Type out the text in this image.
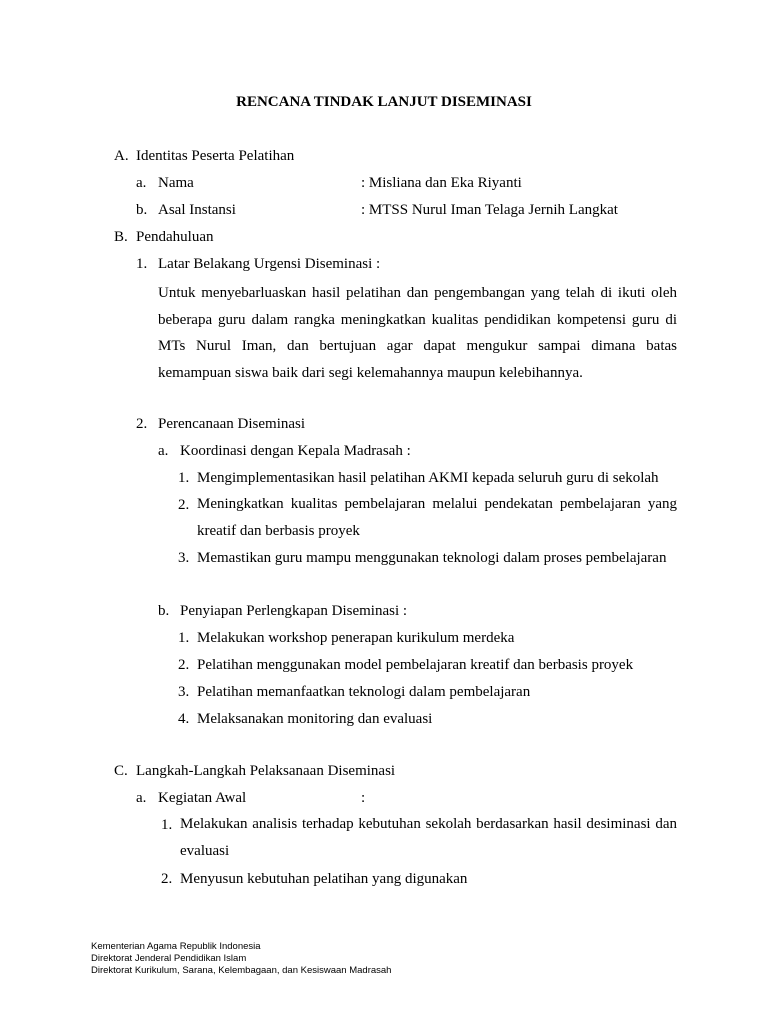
RENCANA TINDAK LANJUT DISEMINASI
A. Identitas Peserta Pelatihan
a. Nama	: Misliana dan Eka Riyanti
b. Asal Instansi	: MTSS Nurul Iman Telaga Jernih Langkat
B. Pendahuluan
1. Latar Belakang Urgensi Diseminasi :
Untuk menyebarluaskan hasil pelatihan dan pengembangan yang telah di ikuti oleh beberapa guru dalam rangka meningkatkan kualitas pendidikan kompetensi guru di MTs Nurul Iman, dan bertujuan agar dapat mengukur sampai dimana batas kemampuan siswa baik dari segi kelemahannya maupun kelebihannya.
2. Perencanaan Diseminasi
a. Koordinasi dengan Kepala Madrasah :
1. Mengimplementasikan hasil pelatihan AKMI kepada seluruh guru di sekolah
2. Meningkatkan kualitas pembelajaran melalui pendekatan pembelajaran yang kreatif dan berbasis proyek
3. Memastikan guru mampu menggunakan teknologi dalam proses pembelajaran
b. Penyiapan Perlengkapan Diseminasi :
1. Melakukan workshop penerapan kurikulum merdeka
2. Pelatihan menggunakan model pembelajaran kreatif dan berbasis proyek
3. Pelatihan memanfaatkan teknologi dalam pembelajaran
4. Melaksanakan monitoring dan evaluasi
C. Langkah-Langkah Pelaksanaan Diseminasi
a. Kegiatan Awal	:
1. Melakukan analisis terhadap kebutuhan sekolah berdasarkan hasil desiminasi dan evaluasi
2. Menyusun kebutuhan pelatihan yang digunakan
Kementerian Agama Republik Indonesia
Direktorat Jenderal Pendidikan Islam
Direktorat Kurikulum, Sarana, Kelembagaan, dan Kesiswaan Madrasah
